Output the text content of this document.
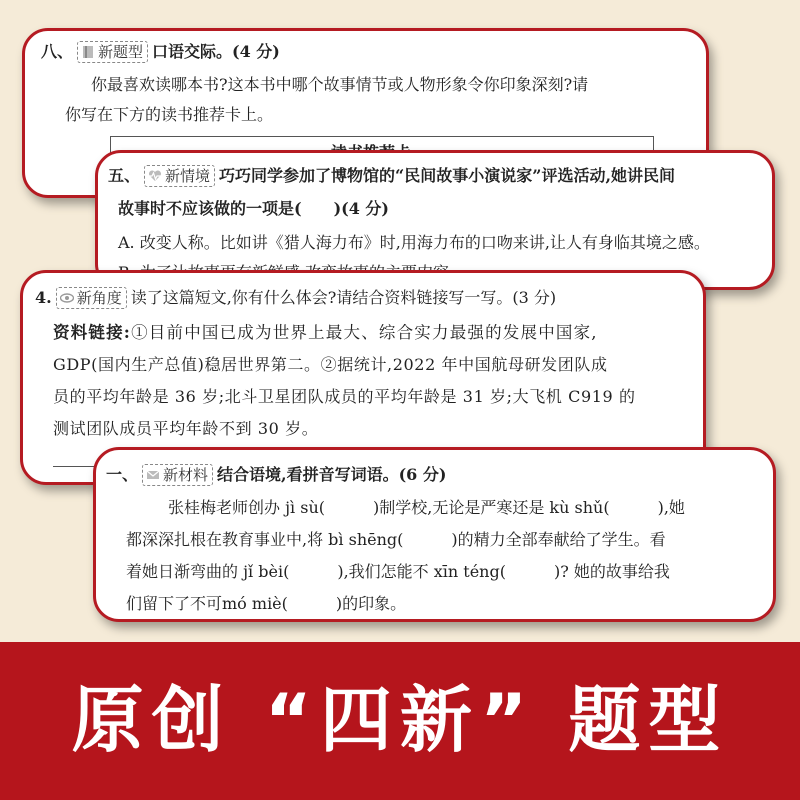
八、 新题型 口语交际。(4 分)
你最喜欢读哪本书?这本书中哪个故事情节或人物形象令你印象深刻?请
你写在下方的读书推荐卡上。
五、 新情境 巧巧同学参加了博物馆的“民间故事小演说家”评选活动,她讲民间
故事时不应该做的一项是(　　)(4 分)
A. 改变人称。比如讲《猎人海力布》时,用海力布的口吻来讲,让人有身临其境之感。
4. 新角度 读了这篇短文,你有什么体会?请结合资料链接写一写。(3 分)
资料链接:①目前中国已成为世界上最大、综合实力最强的发展中国家,
GDP(国内生产总值)稳居世界第二。②据统计,2022 年中国航母研发团队成
员的平均年龄是 36 岁;北斗卫星团队成员的平均年龄是 31 岁;大飞机 C919 的
测试团队成员平均年龄不到 30 岁。
一、 新材料 结合语境,看拼音写词语。(6 分)
张桂梅老师创办 jì sù(　　　)制学校,无论是严寒还是 kù shǔ(　　　),她
都深深扎根在教育事业中,将 bì shēng(　　　)的精力全部奉献给了学生。看
着她日渐弯曲的 jǐ bèi(　　　),我们怎能不 xīn téng(　　　)? 她的故事给我
们留下了不可mó miè(　　　)的印象。
原创 “四新” 题型
